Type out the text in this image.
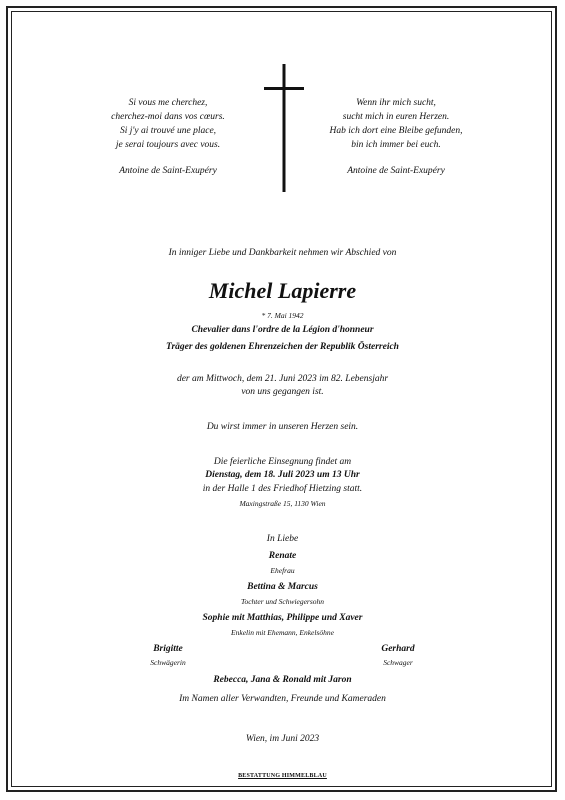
Si vous me cherchez,
cherchez-moi dans vos cœurs.
Si j'y ai trouvé une place,
je serai toujours avec vous.
Antoine de Saint-Exupéry
Wenn ihr mich sucht,
sucht mich in euren Herzen.
Hab ich dort eine Bleibe gefunden,
bin ich immer bei euch.
Antoine de Saint-Exupéry
In inniger Liebe und Dankbarkeit nehmen wir Abschied von
Michel Lapierre
* 7. Mai 1942
Chevalier dans l'ordre de la Légion d'honneur
Träger des goldenen Ehrenzeichen der Republik Österreich
der am Mittwoch, dem 21. Juni 2023 im 82. Lebensjahr
von uns gegangen ist.
Du wirst immer in unseren Herzen sein.
Die feierliche Einsegnung findet am
Dienstag, dem 18. Juli 2023 um 13 Uhr
in der Halle 1 des Friedhof Hietzing statt.
Maxingstraße 15, 1130 Wien
In Liebe
Renate
Ehefrau
Bettina & Marcus
Tochter und Schwiegersohn
Sophie mit Matthias, Philippe und Xaver
Enkelin mit Ehemann, Enkelsöhne
Brigitte
Schwägerin
Gerhard
Schwager
Rebecca, Jana & Ronald mit Jaron
Im Namen aller Verwandten, Freunde und Kameraden
Wien, im Juni 2023
BESTATTUNG HIMMELBLAU
